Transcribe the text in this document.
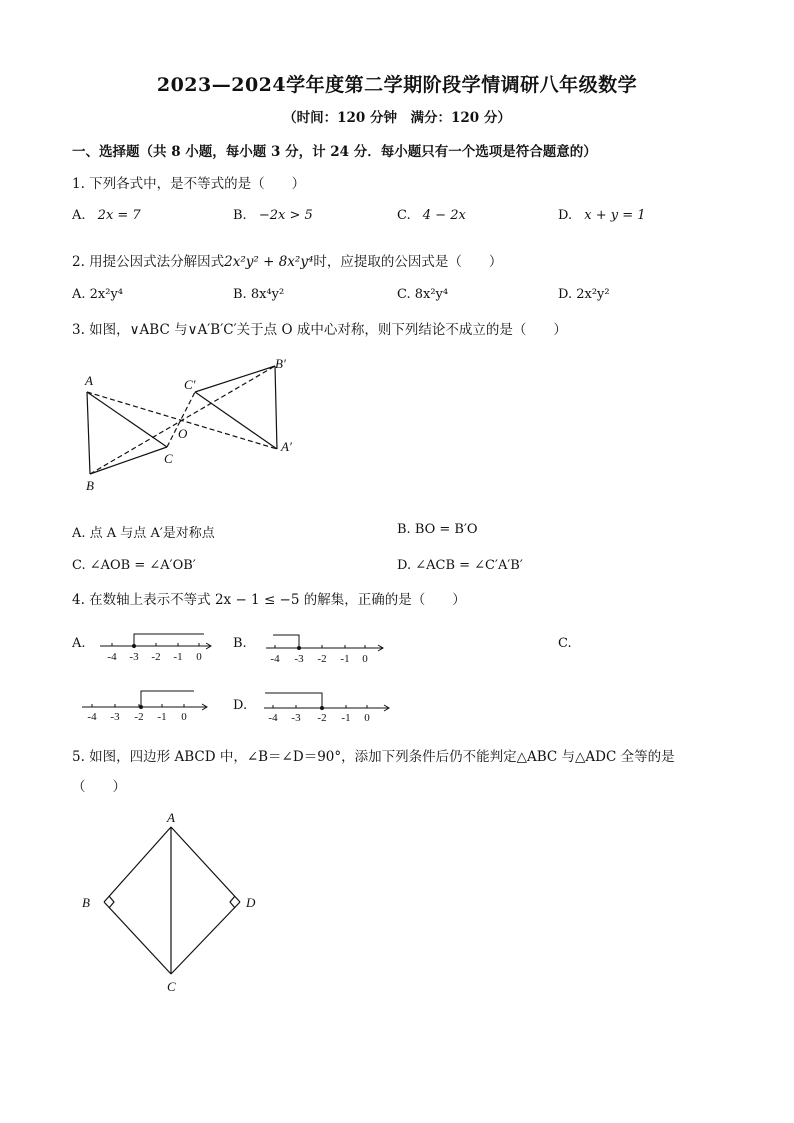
2023—2024学年度第二学期阶段学情调研八年级数学
（时间：120 分钟　满分：120 分）
一、选择题（共 8 小题，每小题 3 分，计 24 分．每小题只有一个选项是符合题意的）
1. 下列各式中，是不等式的是（　　）
A. 2x = 7	B. −2x > 5	C. 4 − 2x	D. x + y = 1
2. 用提公因式法分解因式2x²y² + 8x²y⁴时，应提取的公因式是（　　）
A. 2x²y⁴	B. 8x⁴y²	C. 8x²y⁴	D. 2x²y²
3. 如图，∨ABC 与∨A′B′C′关于点 O 成中心对称，则下列结论不成立的是（　　）
A
B
C
O
C′
B′
A′
A. 点 A 与点 A′是对称点	B. BO = B′O
C. ∠AOB = ∠A′OB′	D. ∠ACB = ∠C′A′B′
4. 在数轴上表示不等式 2x − 1 ≤ −5 的解集，正确的是（　　）
A.	B.	C.
D.
-4 -3 -2 -1 0	-4 -3 -2 -1 0
-4 -3 -2 -1 0	-4 -3 -2 -1 0
5. 如图，四边形 ABCD 中，∠B＝∠D＝90°，添加下列条件后仍不能判定△ABC 与△ADC 全等的是
（　　）
A
B
C
D
